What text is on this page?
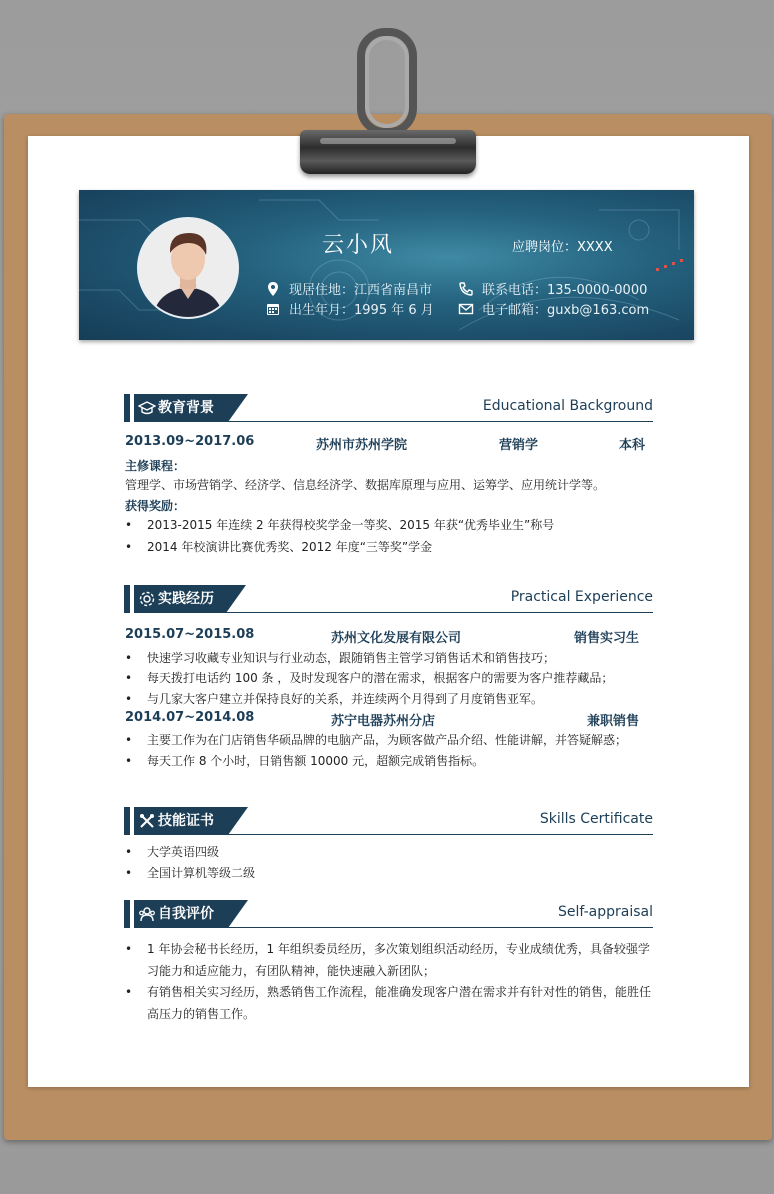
云小风	应聘岗位：XXXX
现居住地：江西省南昌市
出生年月：1995 年 6 月
联系电话：135-0000-0000
电子邮箱：guxb@163.com
教育背景	Educational Background
2013.09~2017.06	苏州市苏州学院	营销学	本科
主修课程：
管理学、市场营销学、经济学、信息经济学、数据库原理与应用、运筹学、应用统计学等。
获得奖励：
• 2013-2015 年连续 2 年获得校奖学金一等奖、2015 年获“优秀毕业生”称号
• 2014 年校演讲比赛优秀奖、2012 年度“三等奖”学金
实践经历	Practical Experience
2015.07~2015.08	苏州文化发展有限公司	销售实习生
• 快速学习收藏专业知识与行业动态，跟随销售主管学习销售话术和销售技巧；
• 每天拨打电话约 100 条 ，及时发现客户的潜在需求，根据客户的需要为客户推荐藏品；
• 与几家大客户建立并保持良好的关系，并连续两个月得到了月度销售亚军。
2014.07~2014.08	苏宁电器苏州分店	兼职销售
• 主要工作为在门店销售华硕品牌的电脑产品，为顾客做产品介绍、性能讲解，并答疑解惑；
• 每天工作 8 个小时，日销售额 10000 元，超额完成销售指标。
技能证书	Skills Certificate
• 大学英语四级
• 全国计算机等级二级
自我评价	Self-appraisal
• 1 年协会秘书长经历，1 年组织委员经历，多次策划组织活动经历，专业成绩优秀，具备较强学习能力和适应能力，有团队精神，能快速融入新团队；
• 有销售相关实习经历，熟悉销售工作流程，能准确发现客户潜在需求并有针对性的销售，能胜任高压力的销售工作。
